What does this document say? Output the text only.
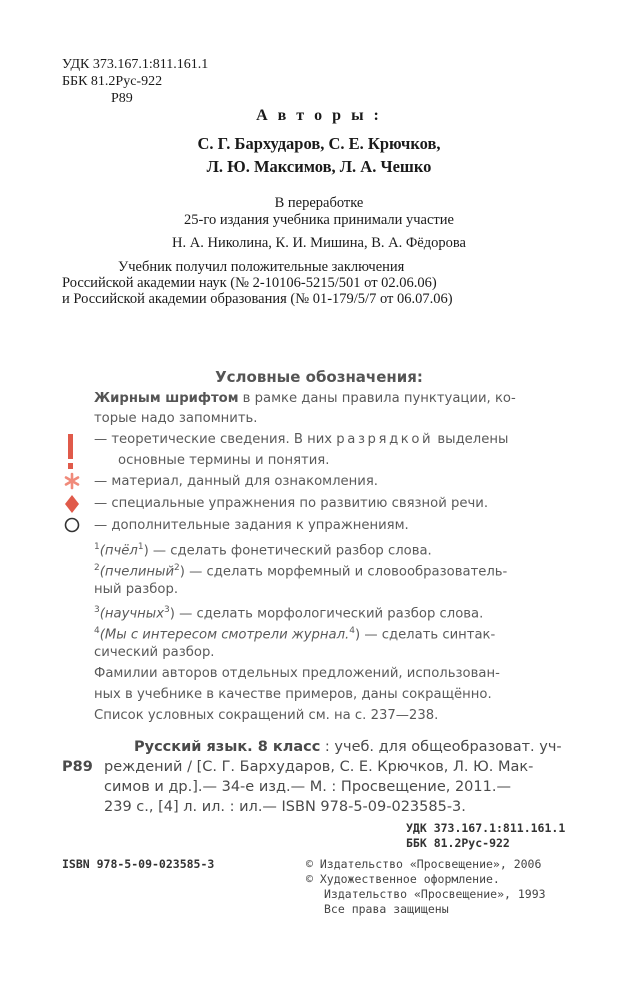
УДК 373.167.1:811.161.1
ББК 81.2Рус-922
Р89
А в т о р ы :
С. Г. Бархударов, С. Е. Крючков,
Л. Ю. Максимов, Л. А. Чешко
В переработке
25-го издания учебника принимали участие
Н. А. Николина, К. И. Мишина, В. А. Фёдорова
Учебник получил положительные заключения
Российской академии наук (№ 2-10106-5215/501 от 02.06.06)
и Российской академии образования (№ 01-179/5/7 от 06.07.06)
Условные обозначения:
Жирным шрифтом в рамке даны правила пунктуации, ко-
торые надо запомнить.
— теоретические сведения. В них разрядкой выделены
основные термины и понятия.
— материал, данный для ознакомления.
— специальные упражнения по развитию связной речи.
— дополнительные задания к упражнениям.
$^1$(пчёл$^1$) — сделать фонетический разбор слова.
$^2$(пчелиный$^2$) — сделать морфемный и словообразователь-
ный разбор.
$^3$(научных$^3$) — сделать морфологический разбор слова.
$^4$(Мы с интересом смотрели журнал.$^4$) — сделать синтак-
сический разбор.
Фамилии авторов отдельных предложений, использован-
ных в учебнике в качестве примеров, даны сокращённо.
Список условных сокращений см. на с. 237—238.
Русский язык. 8 класс : учеб. для общеобразоват. уч-
Р89 реждений / [С. Г. Бархударов, С. Е. Крючков, Л. Ю. Мак-
симов и др.].— 34-е изд.— М. : Просвещение, 2011.—
239 с., [4] л. ил. : ил.— ISBN 978-5-09-023585-3.
УДК 373.167.1:811.161.1
ББК 81.2Рус-922
ISBN 978-5-09-023585-3	© Издательство «Просвещение», 2006
© Художественное оформление.
Издательство «Просвещение», 1993
Все права защищены
